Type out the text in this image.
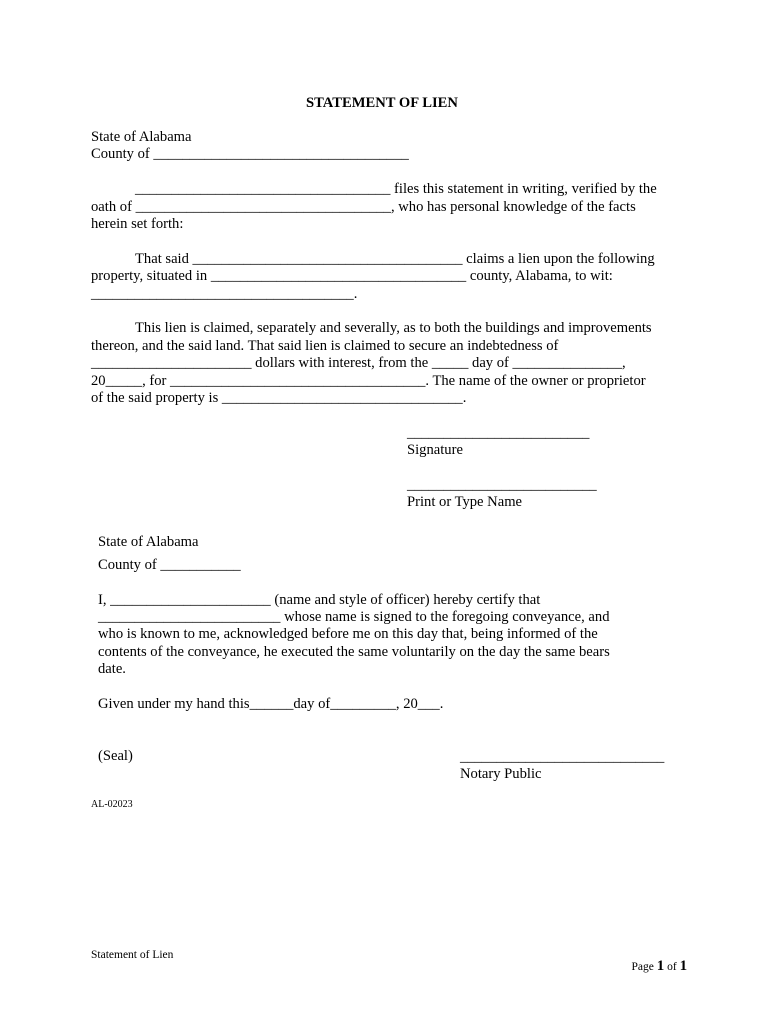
STATEMENT OF LIEN
State of Alabama
County of ___________________________________
___________________________________ files this statement in writing, verified by the
oath of ___________________________________, who has personal knowledge of the facts
herein set forth:
That said _____________________________________ claims a lien upon the following
property, situated in ___________________________________ county, Alabama, to wit:
____________________________________.
This lien is claimed, separately and severally, as to both the buildings and improvements
thereon, and the said land. That said lien is claimed to secure an indebtedness of
______________________ dollars with interest, from the _____ day of _______________,
20_____, for ___________________________________. The name of the owner or proprietor
of the said property is _________________________________.
_________________________
Signature
__________________________
Print or Type Name
State of Alabama
County of ___________
I, ______________________ (name and style of officer) hereby certify that
_________________________ whose name is signed to the foregoing conveyance, and
who is known to me, acknowledged before me on this day that, being informed of the
contents of the conveyance, he executed the same voluntarily on the day the same bears
date.
Given under my hand this______day of_________, 20___.
(Seal)	____________________________
Notary Public
AL-02023
Statement of Lien

Page 1 of 1
